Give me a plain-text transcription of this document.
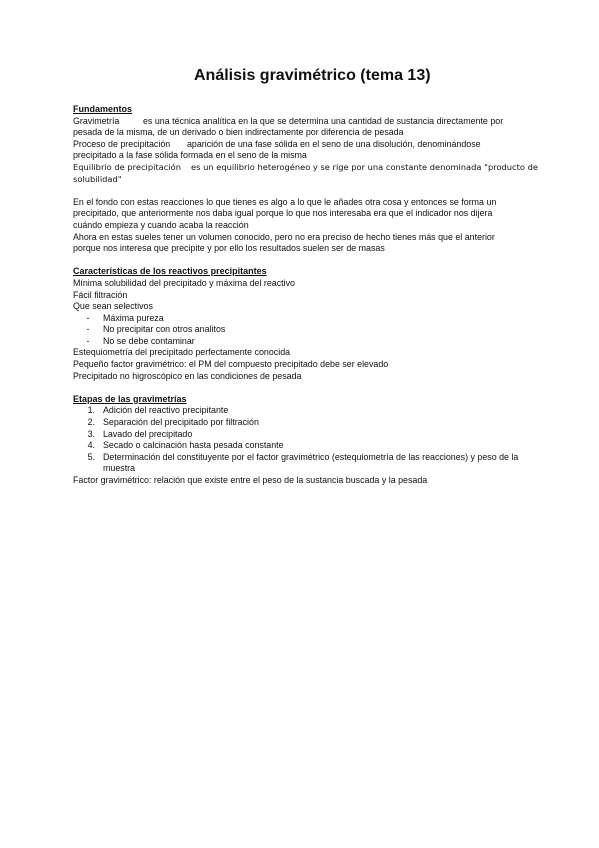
Análisis gravimétrico (tema 13)
Fundamentos
Gravimetría	es una técnica analítica en la que se determina una cantidad de sustancia directamente por
pesada de la misma, de un derivado o bien indirectamente por diferencia de pesada
Proceso de precipitación aparición de una fase sólida en el seno de una disolución, denominándose
precipitado a la fase sólida formada en el seno de la misma
Equilibrio de precipitación es un equilibrio heterogéneo y se rige por una constante denominada "producto de
solubilidad"
En el fondo con estas reacciones lo que tienes es algo a lo que le añades otra cosa y entonces se forma un
precipitado, que anteriormente nos daba igual porque lo que nos interesaba era que el indicador nos dijera
cuándo empieza y cuando acaba la reacción
Ahora en estas sueles tener un volumen conocido, pero no era preciso de hecho tienes más que el anterior
porque nos interesa que precipite y por ello los resultados suelen ser de masas
Características de los reactivos precipitantes
Mínima solubilidad del precipitado y máxima del reactivo
Fácil filtración
Que sean selectivos
-	Máxima pureza
-	No precipitar con otros analitos
-	No se debe contaminar
Estequiometría del precipitado perfectamente conocida
Pequeño factor gravimétrico: el PM del compuesto precipitado debe ser elevado
Precipitado no higroscópico en las condiciones de pesada
Etapas de las gravimetrías
1. Adición del reactivo precipitante
2. Separación del precipitado por filtración
3. Lavado del precipitado
4. Secado o calcinación hasta pesada constante
5. Determinación del constituyente por el factor gravimétrico (estequiometría de las reacciones) y peso de la muestra
Factor gravimétrico: relación que existe entre el peso de la sustancia buscada y la pesada
